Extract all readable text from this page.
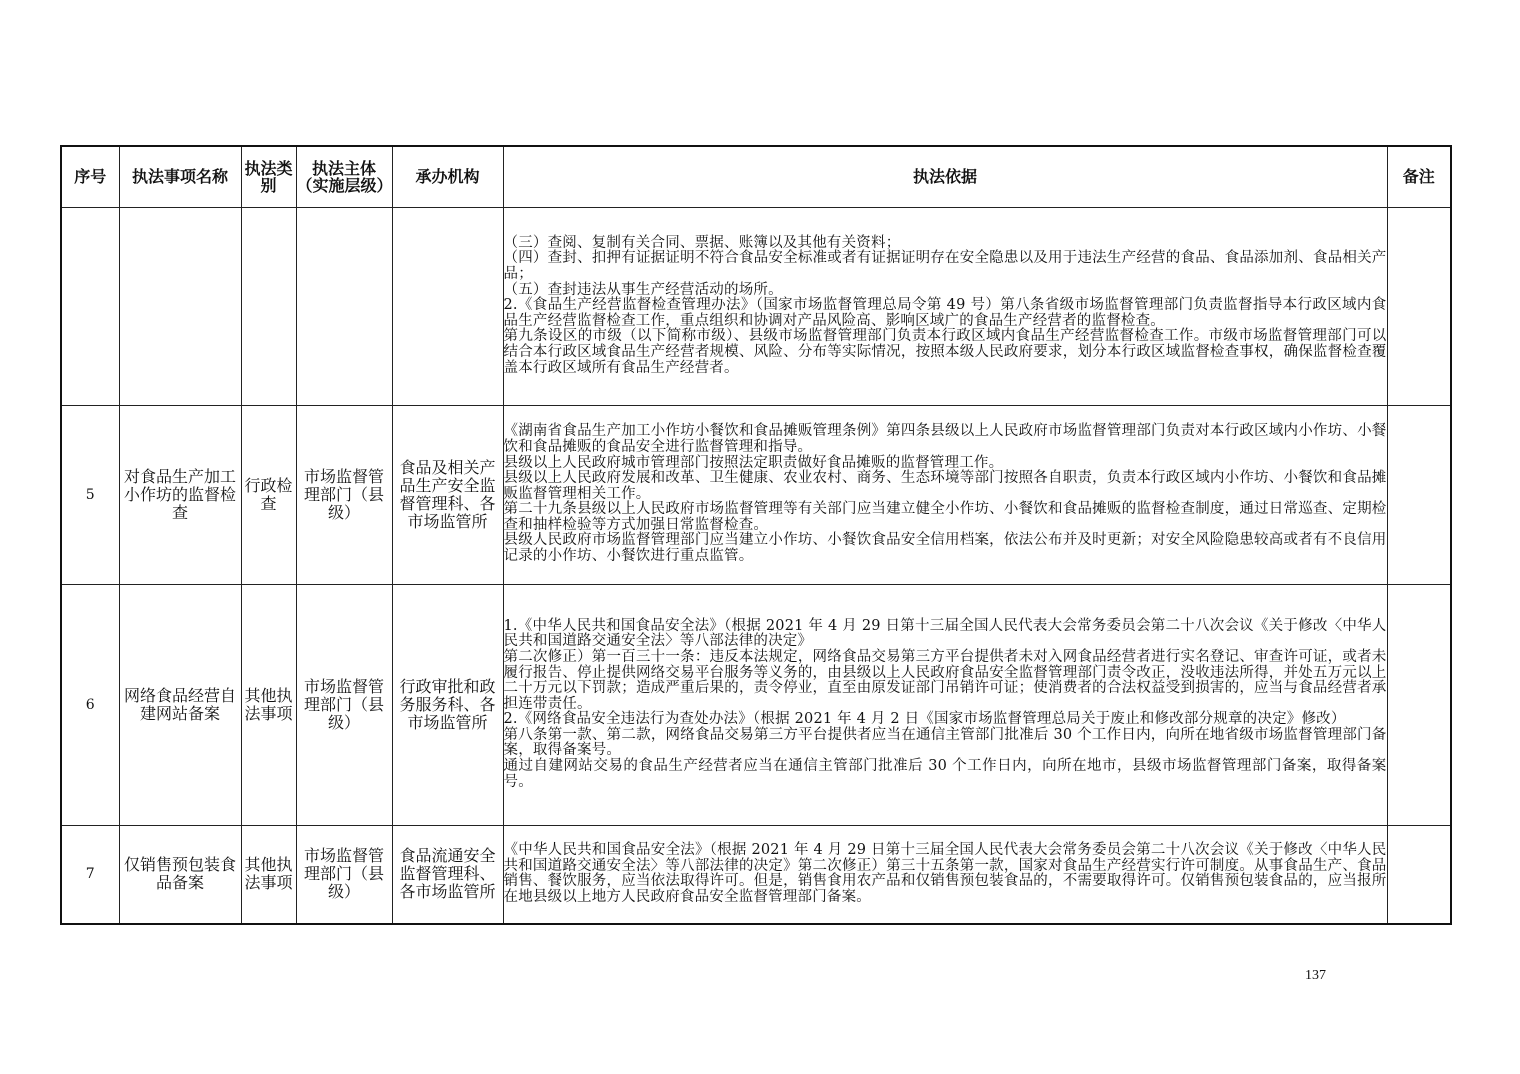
序号	执法事项名称	执法类别	执法主体（实施层级）	承办机构	执法依据	备注

					（三）查阅、复制有关合同、票据、账簿以及其他有关资料；

（四）查封、扣押有证据证明不符合食品安全标准或者有证据证明存在安全隐患以及用于违法生产经营的食品、食品添加剂、食品相关产品；

（五）查封违法从事生产经营活动的场所。

2.《食品生产经营监督检查管理办法》（国家市场监督管理总局令第 49 号）第八条省级市场监督管理部门负责监督指导本行政区域内食品生产经营监督检查工作，重点组织和协调对产品风险高、影响区域广的食品生产经营者的监督检查。

第九条设区的市级（以下简称市级）、县级市场监督管理部门负责本行政区域内食品生产经营监督检查工作。市级市场监督管理部门可以结合本行政区域食品生产经营者规模、风险、分布等实际情况，按照本级人民政府要求，划分本行政区域监督检查事权，确保监督检查覆盖本行政区域所有食品生产经营者。	

5	对食品生产加工小作坊的监督检查	行政检查	市场监督管理部门（县级）	食品及相关产品生产安全监督管理科、各市场监管所	《湖南省食品生产加工小作坊小餐饮和食品摊贩管理条例》第四条县级以上人民政府市场监督管理部门负责对本行政区域内小作坊、小餐饮和食品摊贩的食品安全进行监督管理和指导。

县级以上人民政府城市管理部门按照法定职责做好食品摊贩的监督管理工作。

县级以上人民政府发展和改革、卫生健康、农业农村、商务、生态环境等部门按照各自职责，负责本行政区域内小作坊、小餐饮和食品摊贩监督管理相关工作。

第二十九条县级以上人民政府市场监督管理等有关部门应当建立健全小作坊、小餐饮和食品摊贩的监督检查制度，通过日常巡查、定期检查和抽样检验等方式加强日常监督检查。

县级人民政府市场监督管理部门应当建立小作坊、小餐饮食品安全信用档案，依法公布并及时更新；对安全风险隐患较高或者有不良信用记录的小作坊、小餐饮进行重点监管。	

6	网络食品经营自建网站备案	其他执法事项	市场监督管理部门（县级）	行政审批和政务服务科、各市场监管所	1.《中华人民共和国食品安全法》（根据 2021 年 4 月 29 日第十三届全国人民代表大会常务委员会第二十八次会议《关于修改〈中华人民共和国道路交通安全法〉等八部法律的决定》

第二次修正）第一百三十一条：违反本法规定，网络食品交易第三方平台提供者未对入网食品经营者进行实名登记、审查许可证，或者未履行报告、停止提供网络交易平台服务等义务的，由县级以上人民政府食品安全监督管理部门责令改正，没收违法所得，并处五万元以上二十万元以下罚款；造成严重后果的，责令停业，直至由原发证部门吊销许可证；使消费者的合法权益受到损害的，应当与食品经营者承担连带责任。

2.《网络食品安全违法行为查处办法》（根据 2021 年 4 月 2 日《国家市场监督管理总局关于废止和修改部分规章的决定》修改）

第八条第一款、第二款，网络食品交易第三方平台提供者应当在通信主管部门批准后 30 个工作日内，向所在地省级市场监督管理部门备案，取得备案号。

通过自建网站交易的食品生产经营者应当在通信主管部门批准后 30 个工作日内，向所在地市，县级市场监督管理部门备案，取得备案号。	

7	仅销售预包装食品备案	其他执法事项	市场监督管理部门（县级）	食品流通安全监督管理科、各市场监管所	《中华人民共和国食品安全法》（根据 2021 年 4 月 29 日第十三届全国人民代表大会常务委员会第二十八次会议《关于修改〈中华人民共和国道路交通安全法〉等八部法律的决定》第二次修正）第三十五条第一款，国家对食品生产经营实行许可制度。从事食品生产、食品销售、餐饮服务，应当依法取得许可。但是，销售食用农产品和仅销售预包装食品的，不需要取得许可。仅销售预包装食品的，应当报所在地县级以上地方人民政府食品安全监督管理部门备案。	

137
